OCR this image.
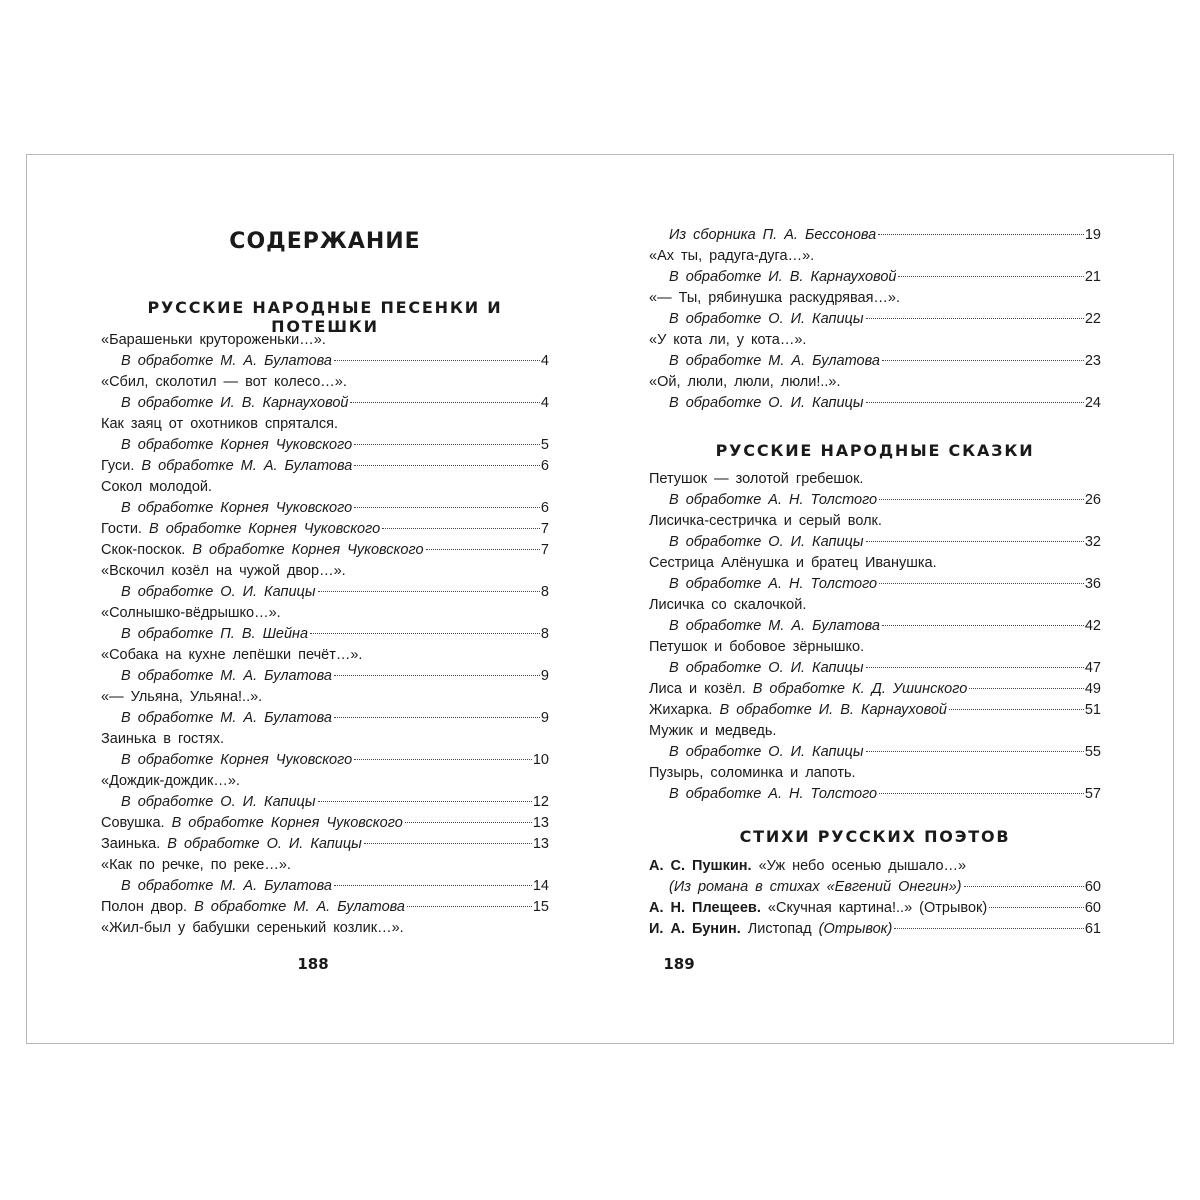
СОДЕРЖАНИЕ
РУССКИЕ НАРОДНЫЕ ПЕСЕНКИ И ПОТЕШКИ
«Барашеньки крутороженьки…».
В обработке М. А. Булатова	4
«Сбил, сколотил — вот колесо…».
В обработке И. В. Карнауховой	4
Как заяц от охотников спрятался.
В обработке Корнея Чуковского	5
Гуси. В обработке М. А. Булатова	6
Сокол молодой.
В обработке Корнея Чуковского	6
Гости. В обработке Корнея Чуковского	7
Скок-поскок. В обработке Корнея Чуковского	7
«Вскочил козёл на чужой двор…».
В обработке О. И. Капицы	8
«Солнышко-вёдрышко…».
В обработке П. В. Шейна	8
«Собака на кухне лепёшки печёт…».
В обработке М. А. Булатова	9
«— Ульяна, Ульяна!..».
В обработке М. А. Булатова	9
Заинька в гостях.
В обработке Корнея Чуковского	10
«Дождик-дождик…».
В обработке О. И. Капицы	12
Совушка. В обработке Корнея Чуковского	13
Заинька. В обработке О. И. Капицы	13
«Как по речке, по реке…».
В обработке М. А. Булатова	14
Полон двор. В обработке М. А. Булатова	15
«Жил-был у бабушки серенький козлик…».
188
Из сборника П. А. Бессонова	19
«Ах ты, радуга-дуга…».
В обработке И. В. Карнауховой	21
«— Ты, рябинушка раскудрявая…».
В обработке О. И. Капицы	22
«У кота ли, у кота…».
В обработке М. А. Булатова	23
«Ой, люли, люли, люли!..».
В обработке О. И. Капицы	24
РУССКИЕ НАРОДНЫЕ СКАЗКИ
Петушок — золотой гребешок.
В обработке А. Н. Толстого	26
Лисичка-сестричка и серый волк.
В обработке О. И. Капицы	32
Сестрица Алёнушка и братец Иванушка.
В обработке А. Н. Толстого	36
Лисичка со скалочкой.
В обработке М. А. Булатова	42
Петушок и бобовое зёрнышко.
В обработке О. И. Капицы	47
Лиса и козёл. В обработке К. Д. Ушинского	49
Жихарка. В обработке И. В. Карнауховой	51
Мужик и медведь.
В обработке О. И. Капицы	55
Пузырь, соломинка и лапоть.
В обработке А. Н. Толстого	57
СТИХИ РУССКИХ ПОЭТОВ
А. С. Пушкин. «Уж небо осенью дышало…»
(Из романа в стихах «Евгений Онегин»)	60
А. Н. Плещеев. «Скучная картина!..» (Отрывок)	60
И. А. Бунин. Листопад (Отрывок)	61
189
